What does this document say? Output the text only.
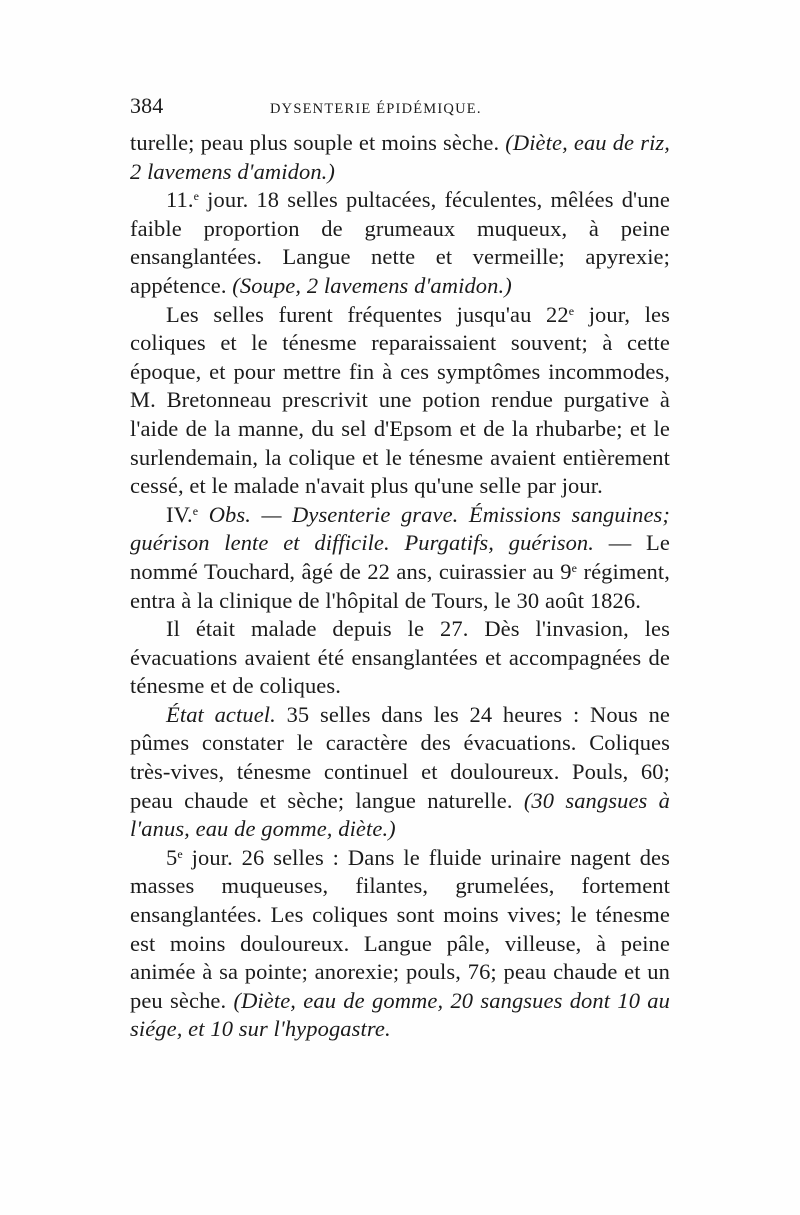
384	DYSENTERIE ÉPIDÉMIQUE.

turelle; peau plus souple et moins sèche. (Diète, eau de riz, 2 lavemens d'amidon.)

11.$^e$ jour. 18 selles pultacées, féculentes, mêlées d'une faible proportion de grumeaux muqueux, à peine ensanglantées. Langue nette et vermeille; apyrexie; appétence. (Soupe, 2 lavemens d'amidon.)

Les selles furent fréquentes jusqu'au 22e jour, les coliques et le ténesme reparaissaient souvent; à cette époque, et pour mettre fin à ces symptômes incommodes, M. Bretonneau prescrivit une potion rendue purgative à l'aide de la manne, du sel d'Epsom et de la rhubarbe; et le surlendemain, la colique et le ténesme avaient entièrement cessé, et le malade n'avait plus qu'une selle par jour.

IV.$^e$ Obs. — Dysenterie grave. Émissions sanguines; guérison lente et difficile. Purgatifs, guérison. — Le nommé Touchard, âgé de 22 ans, cuirassier au 9e régiment, entra à la clinique de l'hôpital de Tours, le 30 août 1826.

Il était malade depuis le 27. Dès l'invasion, les évacuations avaient été ensanglantées et accompagnées de ténesme et de coliques.

État actuel. 35 selles dans les 24 heures : Nous ne pûmes constater le caractère des évacuations. Coliques très-vives, ténesme continuel et douloureux. Pouls, 60; peau chaude et sèche; langue naturelle. (30 sangsues à l'anus, eau de gomme, diète.)

5e jour. 26 selles : Dans le fluide urinaire nagent des masses muqueuses, filantes, grumelées, fortement ensanglantées. Les coliques sont moins vives; le ténesme est moins douloureux. Langue pâle, villeuse, à peine animée à sa pointe; anorexie; pouls, 76; peau chaude et un peu sèche. (Diète, eau de gomme, 20 sangsues dont 10 au siége, et 10 sur l'hypogastre.
